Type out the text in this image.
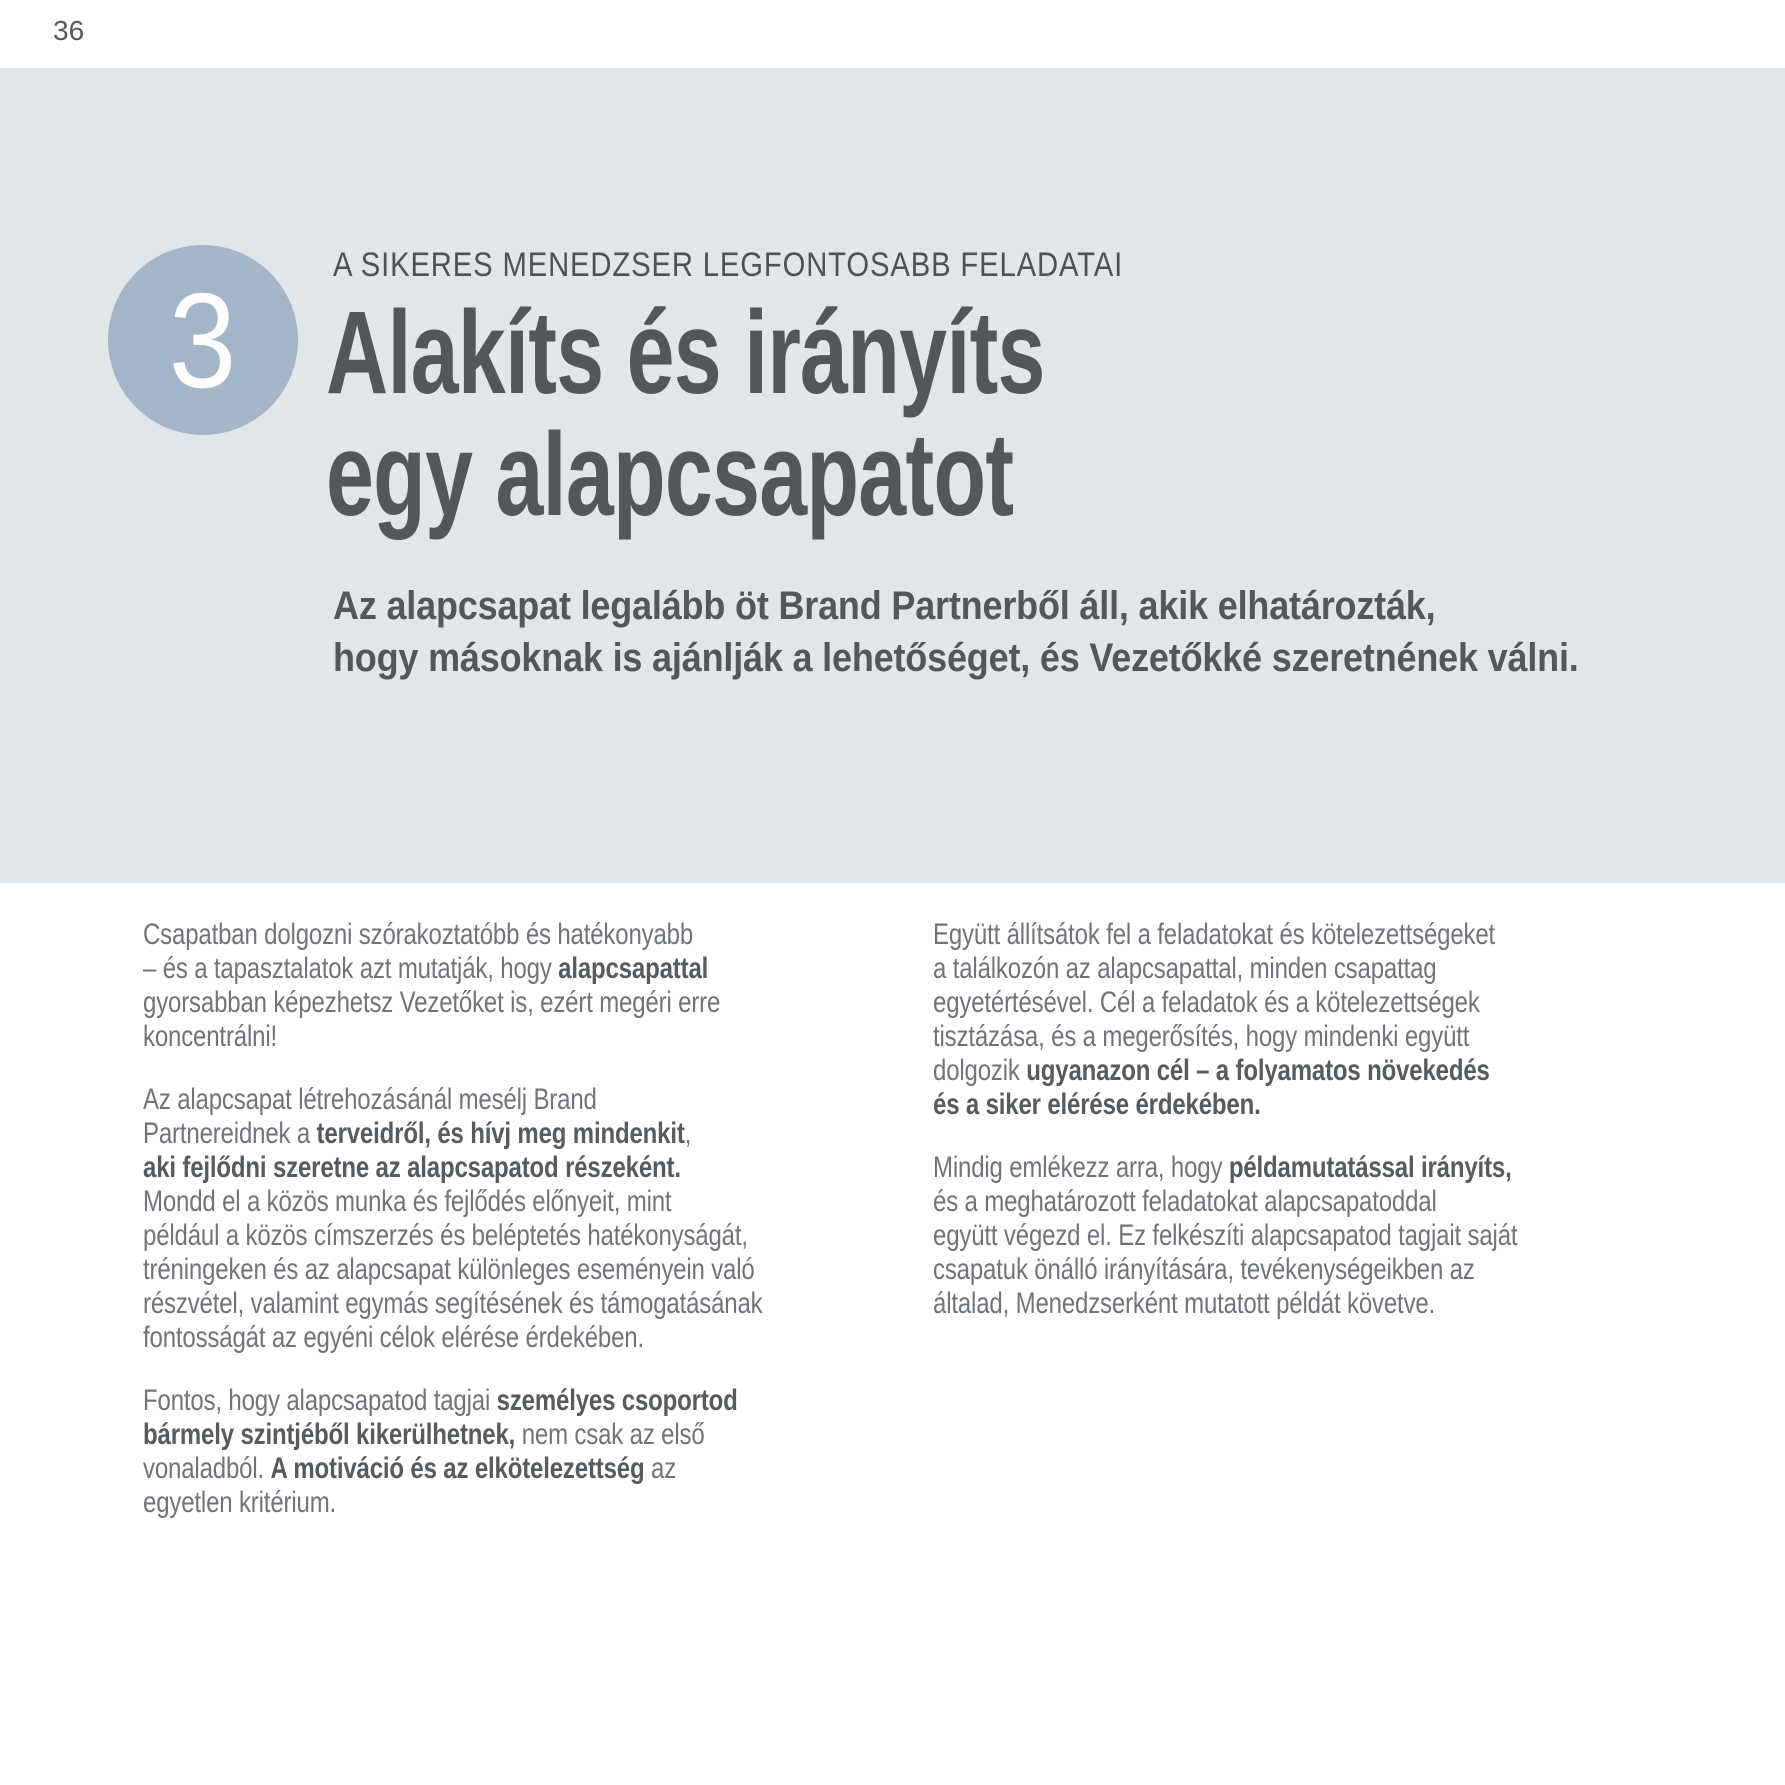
36
3	A SIKERES MENEDZSER LEGFONTOSABB FELADATAI
Alakíts és irányíts
egy alapcsapatot

Az alapcsapat legalább öt Brand Partnerből áll, akik elhatározták,
hogy másoknak is ajánlják a lehetőséget, és Vezetőkké szeretnének válni.

Csapatban dolgozni szórakoztatóbb és hatékonyabb
– és a tapasztalatok azt mutatják, hogy alapcsapattal
gyorsabban képezhetsz Vezetőket is, ezért megéri erre
koncentrálni!

Az alapcsapat létrehozásánál mesélj Brand
Partnereidnek a terveidről, és hívj meg mindenkit,
aki fejlődni szeretne az alapcsapatod részeként.
Mondd el a közös munka és fejlődés előnyeit, mint
például a közös címszerzés és beléptetés hatékonyságát,
tréningeken és az alapcsapat különleges eseményein való
részvétel, valamint egymás segítésének és támogatásának
fontosságát az egyéni célok elérése érdekében.

Fontos, hogy alapcsapatod tagjai személyes csoportod
bármely szintjéből kikerülhetnek, nem csak az első
vonaladból. A motiváció és az elkötelezettség az
egyetlen kritérium.

Együtt állítsátok fel a feladatokat és kötelezettségeket
a találkozón az alapcsapattal, minden csapattag
egyetértésével. Cél a feladatok és a kötelezettségek
tisztázása, és a megerősítés, hogy mindenki együtt
dolgozik ugyanazon cél – a folyamatos növekedés
és a siker elérése érdekében.

Mindig emlékezz arra, hogy példamutatással irányíts,
és a meghatározott feladatokat alapcsapatoddal
együtt végezd el. Ez felkészíti alapcsapatod tagjait saját
csapatuk önálló irányítására, tevékenységeikben az
általad, Menedzserként mutatott példát követve.
